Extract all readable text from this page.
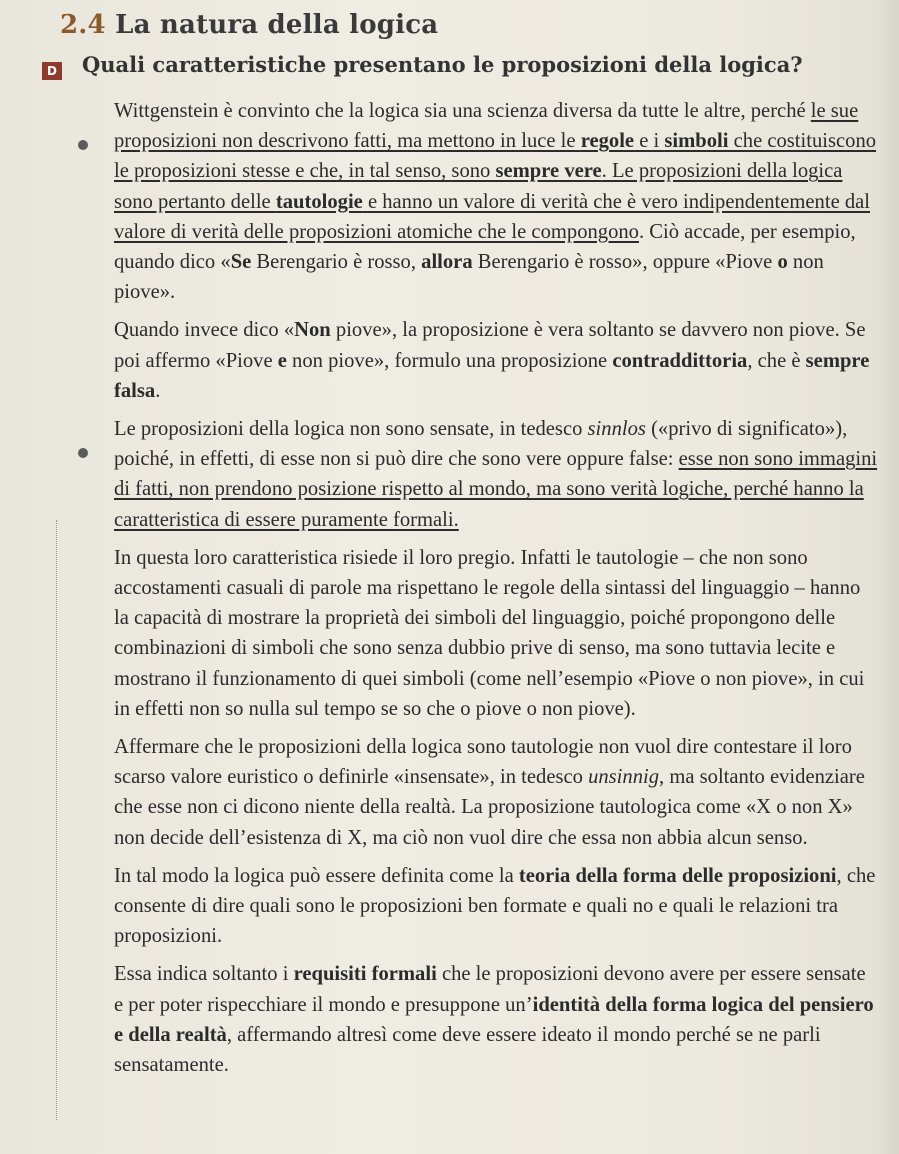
2.4 La natura della logica
D Quali caratteristiche presentano le proposizioni della logica?

Wittgenstein è convinto che la logica sia una scienza diversa da tutte le altre, perché le sue proposizioni non descrivono fatti, ma mettono in luce le regole e i simboli che costituiscono le proposizioni stesse e che, in tal senso, sono sempre vere. Le proposizioni della logica sono pertanto delle tautologie e hanno un valore di verità che è vero indipendentemente dal valore di verità delle proposizioni atomiche che le compongono. Ciò accade, per esempio, quando dico «Se Berengario è rosso, allora Berengario è rosso», oppure «Piove o non piove».

Quando invece dico «Non piove», la proposizione è vera soltanto se davvero non piove. Se poi affermo «Piove e non piove», formulo una proposizione contraddittoria, che è sempre falsa.

Le proposizioni della logica non sono sensate, in tedesco sinnlos («privo di significato»), poiché, in effetti, di esse non si può dire che sono vere oppure false: esse non sono immagini di fatti, non prendono posizione rispetto al mondo, ma sono verità logiche, perché hanno la caratteristica di essere puramente formali.

In questa loro caratteristica risiede il loro pregio. Infatti le tautologie – che non sono accostamenti casuali di parole ma rispettano le regole della sintassi del linguaggio – hanno la capacità di mostrare la proprietà dei simboli del linguaggio, poiché propongono delle combinazioni di simboli che sono senza dubbio prive di senso, ma sono tuttavia lecite e mostrano il funzionamento di quei simboli (come nell’esempio «Piove o non piove», in cui in effetti non so nulla sul tempo se so che o piove o non piove).

Affermare che le proposizioni della logica sono tautologie non vuol dire contestare il loro scarso valore euristico o definirle «insensate», in tedesco unsinnig, ma soltanto evidenziare che esse non ci dicono niente della realtà. La proposizione tautologica come «X o non X» non decide dell’esistenza di X, ma ciò non vuol dire che essa non abbia alcun senso.

In tal modo la logica può essere definita come la teoria della forma delle proposizioni, che consente di dire quali sono le proposizioni ben formate e quali no e quali le relazioni tra proposizioni.

Essa indica soltanto i requisiti formali che le proposizioni devono avere per essere sensate e per poter rispecchiare il mondo e presuppone un’identità della forma logica del pensiero e della realtà, affermando altresì come deve essere ideato il mondo perché se ne parli sensatamente.
